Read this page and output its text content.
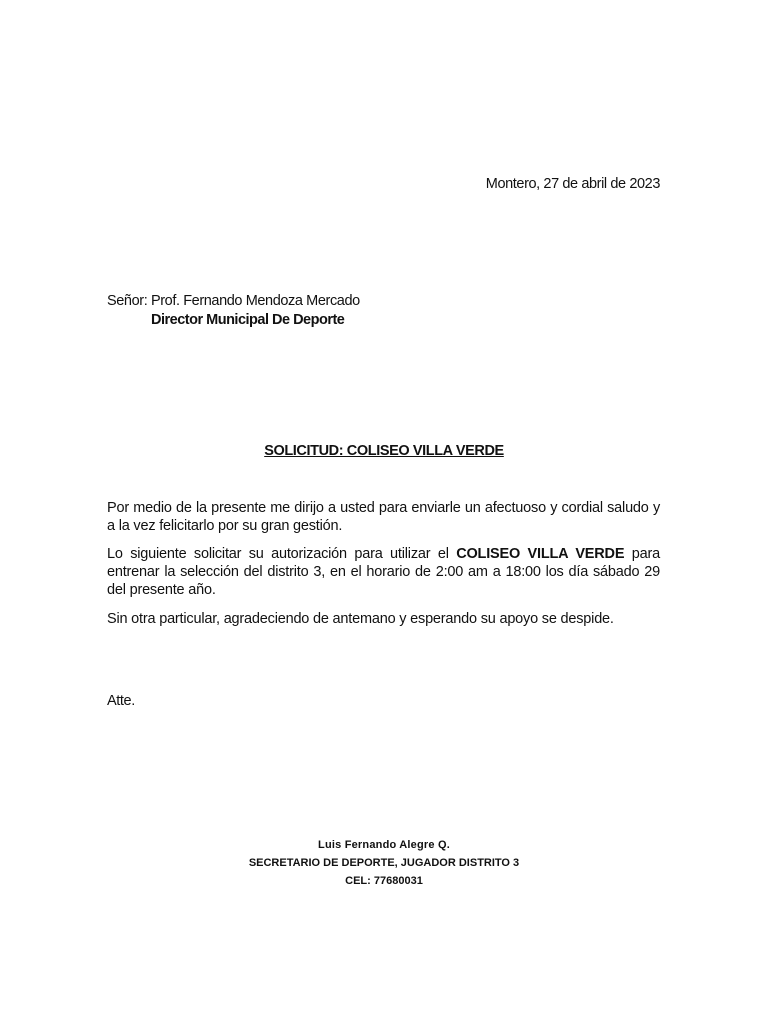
Montero, 27 de abril de 2023
Señor: Prof. Fernando Mendoza Mercado
Director Municipal De Deporte
SOLICITUD: COLISEO VILLA VERDE
Por medio de la presente me dirijo a usted para enviarle un afectuoso y cordial saludo y a la vez felicitarlo por su gran gestión.
Lo siguiente solicitar su autorización para utilizar el COLISEO VILLA VERDE para entrenar la selección del distrito 3, en el horario de 2:00 am a 18:00 los día sábado 29 del presente año.
Sin otra particular, agradeciendo de antemano y esperando su apoyo se despide.
Atte.
Luis Fernando Alegre Q.
SECRETARIO DE DEPORTE, JUGADOR DISTRITO 3
CEL: 77680031
